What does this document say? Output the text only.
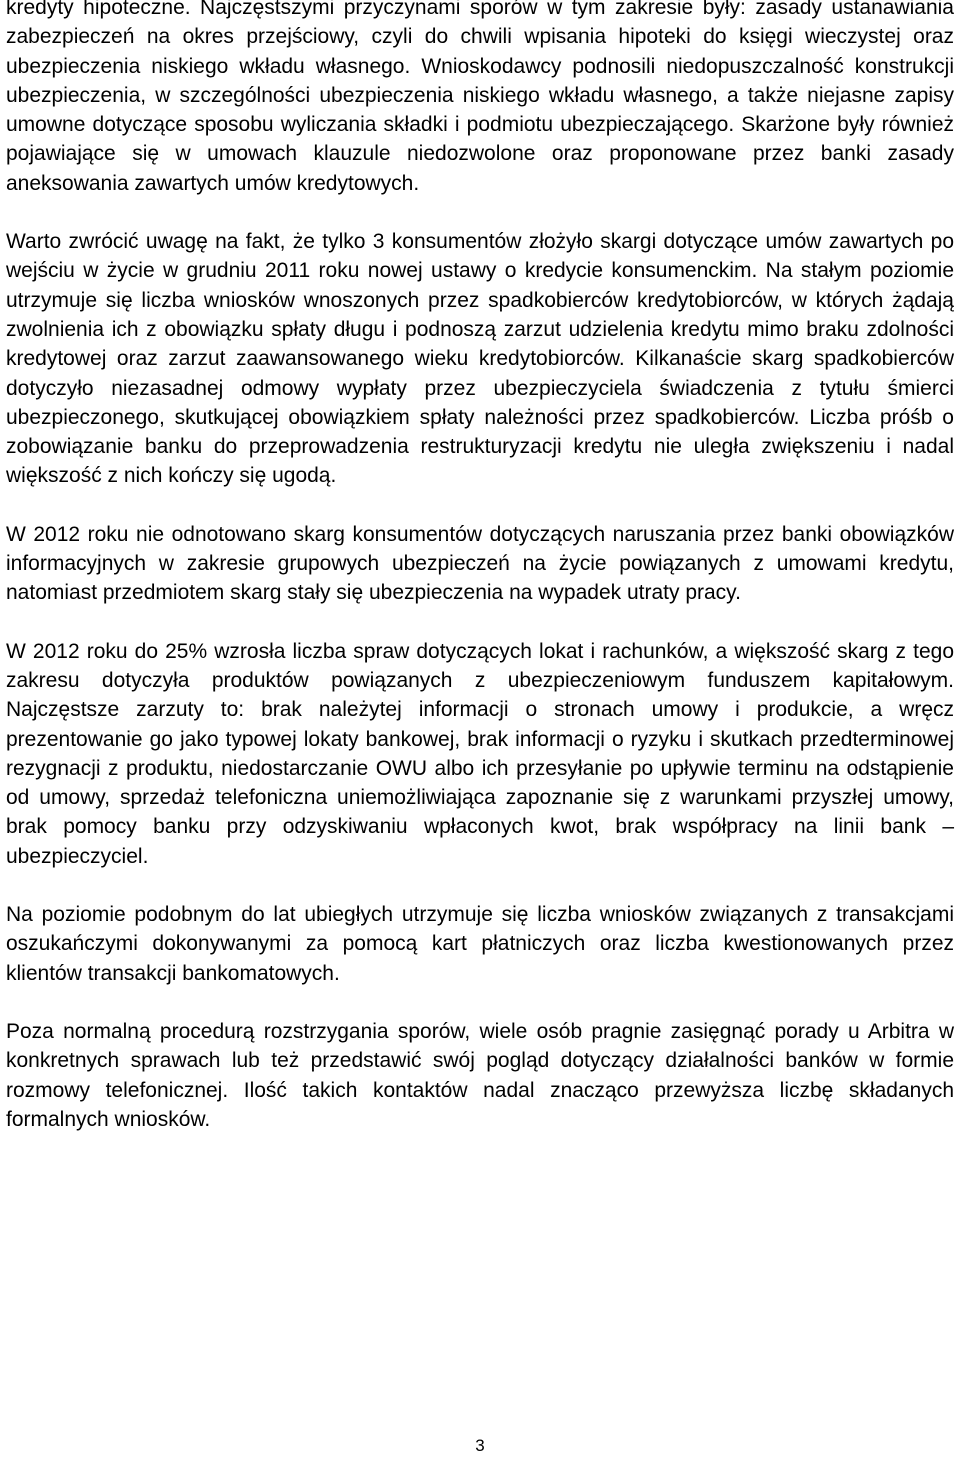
kredyty hipoteczne. Najczęstszymi przyczynami sporów w tym zakresie były: zasady ustanawiania zabezpieczeń na okres przejściowy, czyli do chwili wpisania hipoteki do księgi wieczystej oraz ubezpieczenia niskiego wkładu własnego. Wnioskodawcy podnosili niedopuszczalność konstrukcji ubezpieczenia, w szczególności ubezpieczenia niskiego wkładu własnego, a także niejasne zapisy umowne dotyczące sposobu wyliczania składki i podmiotu ubezpieczającego. Skarżone były również pojawiające się w umowach klauzule niedozwolone oraz proponowane przez banki zasady aneksowania zawartych umów kredytowych.

Warto zwrócić uwagę na fakt, że tylko 3 konsumentów złożyło skargi dotyczące umów zawartych po wejściu w życie w grudniu 2011 roku nowej ustawy o kredycie konsumenckim. Na stałym poziomie utrzymuje się liczba wniosków wnoszonych przez spadkobierców kredytobiorców, w których żądają zwolnienia ich z obowiązku spłaty długu i podnoszą zarzut udzielenia kredytu mimo braku zdolności kredytowej oraz zarzut zaawansowanego wieku kredytobiorców. Kilkanaście skarg spadkobierców dotyczyło niezasadnej odmowy wypłaty przez ubezpieczyciela świadczenia z tytułu śmierci ubezpieczonego, skutkującej obowiązkiem spłaty należności przez spadkobierców. Liczba próśb o zobowiązanie banku do przeprowadzenia restrukturyzacji kredytu nie uległa zwiększeniu i nadal większość z nich kończy się ugodą.

W 2012 roku nie odnotowano skarg konsumentów dotyczących naruszania przez banki obowiązków informacyjnych w zakresie grupowych ubezpieczeń na życie powiązanych z umowami kredytu, natomiast przedmiotem skarg stały się ubezpieczenia na wypadek utraty pracy.

W 2012 roku do 25% wzrosła liczba spraw dotyczących lokat i rachunków, a większość skarg z tego zakresu dotyczyła produktów powiązanych z ubezpieczeniowym funduszem kapitałowym. Najczęstsze zarzuty to: brak należytej informacji o stronach umowy i produkcie, a wręcz prezentowanie go jako typowej lokaty bankowej, brak informacji o ryzyku i skutkach przedterminowej rezygnacji z produktu, niedostarczanie OWU albo ich przesyłanie po upływie terminu na odstąpienie od umowy, sprzedaż telefoniczna uniemożliwiająca zapoznanie się z warunkami przyszłej umowy, brak pomocy banku przy odzyskiwaniu wpłaconych kwot, brak współpracy na linii bank – ubezpieczyciel.

Na poziomie podobnym do lat ubiegłych utrzymuje się liczba wniosków związanych z transakcjami oszukańczymi dokonywanymi za pomocą kart płatniczych oraz liczba kwestionowanych przez klientów transakcji bankomatowych.

Poza normalną procedurą rozstrzygania sporów, wiele osób pragnie zasięgnąć porady u Arbitra w konkretnych sprawach lub też przedstawić swój pogląd dotyczący działalności banków w formie rozmowy telefonicznej. Ilość takich kontaktów nadal znacząco przewyższa liczbę składanych formalnych wniosków.

3
